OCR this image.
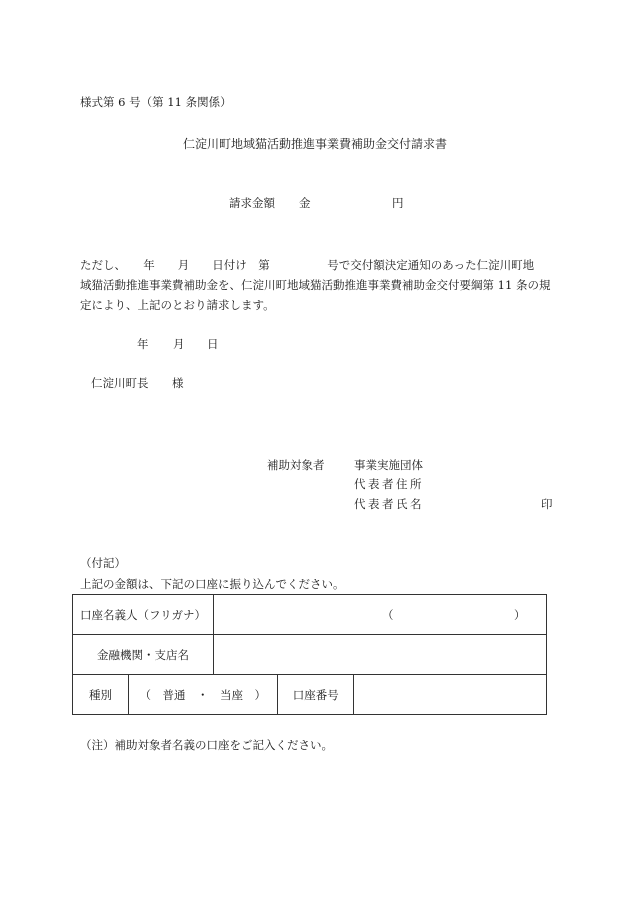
様式第 6 号（第 11 条関係）
仁淀川町地域猫活動推進事業費補助金交付請求書
請求金額 金	円
ただし、　　年　　月　　日付け　第　　　　　号で交付額決定通知のあった仁淀川町地
域猫活動推進事業費補助金を、仁淀川町地域猫活動推進事業費補助金交付要綱第 11 条の規
定により、上記のとおり請求します。
年 月 日
仁淀川町長 様
補助対象者	事業実施団体
代表者住所
代表者氏名	印
（付記）
上記の金額は、下記の口座に振り込んでください。
口座名義人（フリガナ）	（	）

金融機関・支店名	
種別	（　普通　・　当座　）	口座番号

（注）補助対象者名義の口座をご記入ください。
